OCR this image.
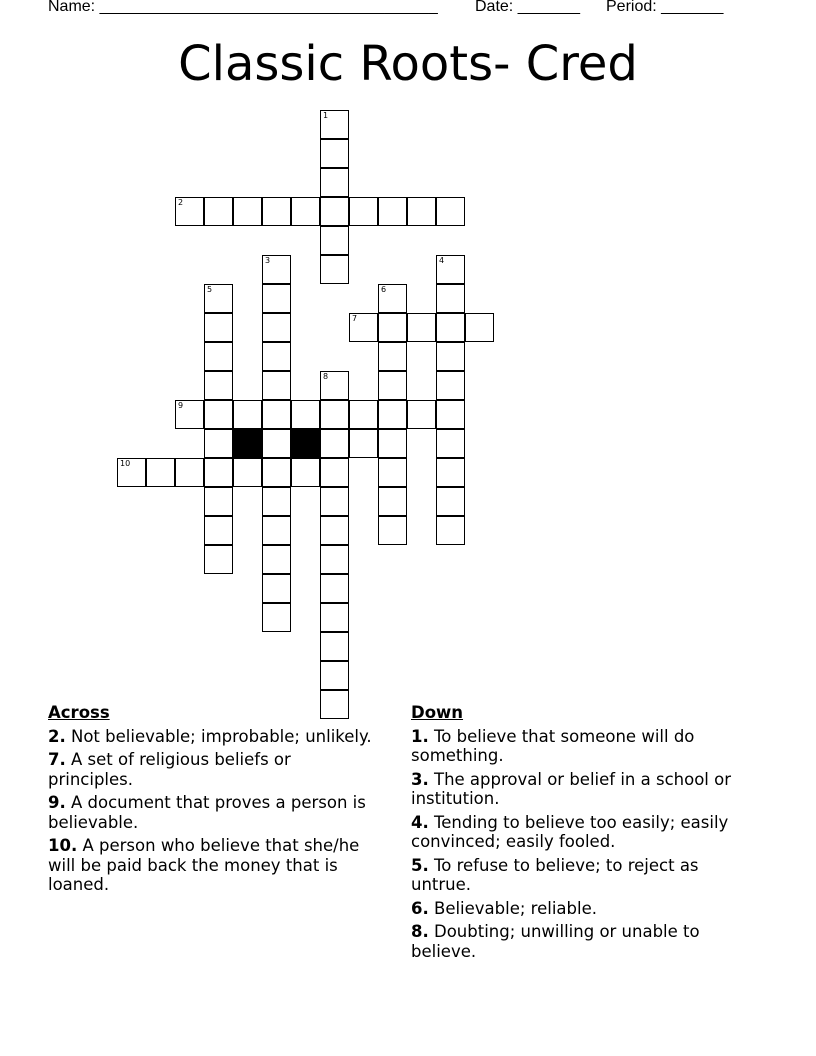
Name: ______________________________________ Date: _______ Period: _______
Classic Roots- Cred
1
2
3	4
5	6
7
8
9
10
Across
2. Not believable; improbable; unlikely.
7. A set of religious beliefs or principles.
9. A document that proves a person is believable.
10. A person who believe that she/he will be paid back the money that is loaned.
Down
1. To believe that someone will do something.
3. The approval or belief in a school or institution.
4. Tending to believe too easily; easily convinced; easily fooled.
5. To refuse to believe; to reject as untrue.
6. Believable; reliable.
8. Doubting; unwilling or unable to believe.
